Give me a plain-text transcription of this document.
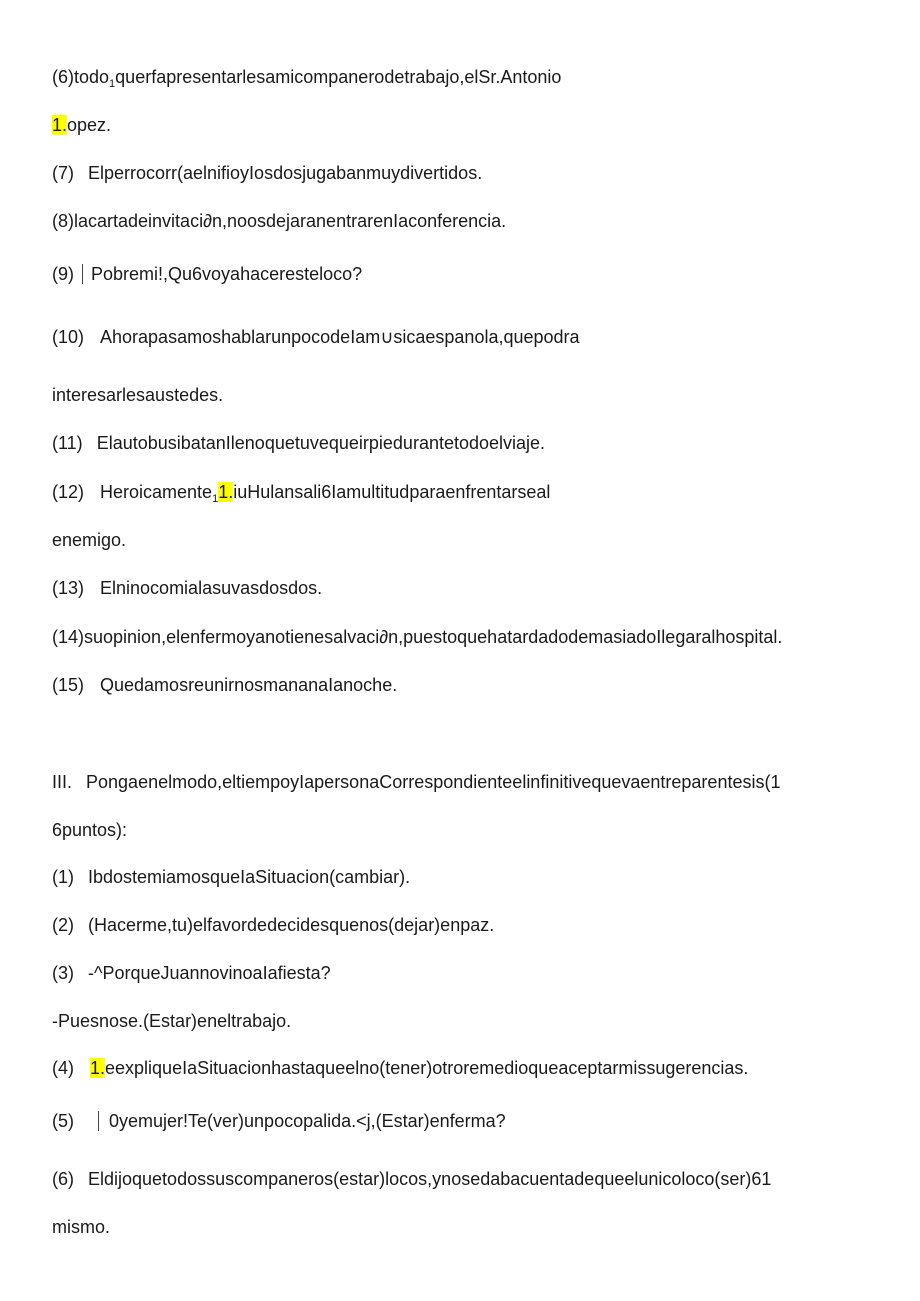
(6)todo$_1$querfapresentarlesamicompanerodetrabajo,elSr.Antonio
1.opez.
(7) Elperrocorr(aelnifioyIosdosjugabanmuydivertidos.
(8)lacartadeinvitaci∂n,noosdejaranentrarenIaconferencia.
(9) Pobremi!,Qu6voyahaceresteloco?
(10) AhorapasamoshablarunpocodeIam∪sicaespanola,quepodra
interesarlesaustedes.
(11) ElautobusibatanIlenoquetuvequeirpiedurantetodoelviaje.
(12) Heroicamente$_1$1.iuHulansali6Iamultitudparaenfrentarseal
enemigo.
(13) Elninocomialasuvasdosdos.
(14)suopinion,elenfermoyanotienesalvaci∂n,puestoquehatardadodemasiadoIlegaralhospital.
(15) QuedamosreunirnosmananaIanoche.
III. Pongaenelmodo,eltiempoyIapersonaCorrespondienteelinfinitivequevaentreparentesis(1
6puntos):
(1) IbdostemiamosqueIaSituacion(cambiar).
(2) (Hacerme,tu)elfavordedecidesquenos(dejar)enpaz.
(3) -^PorqueJuannovinoaIafiesta?
-Puesnose.(Estar)eneltrabajo.
(4) 1.eexpliqueIaSituacionhastaqueelno(tener)otroremedioqueaceptarmissugerencias.
(5) 0yemujer!Te(ver)unpocopalida.<j,(Estar)enferma?
(6) Eldijoquetodossuscompaneros(estar)locos,ynosedabacuentadequeelunicoloco(ser)61
mismo.
